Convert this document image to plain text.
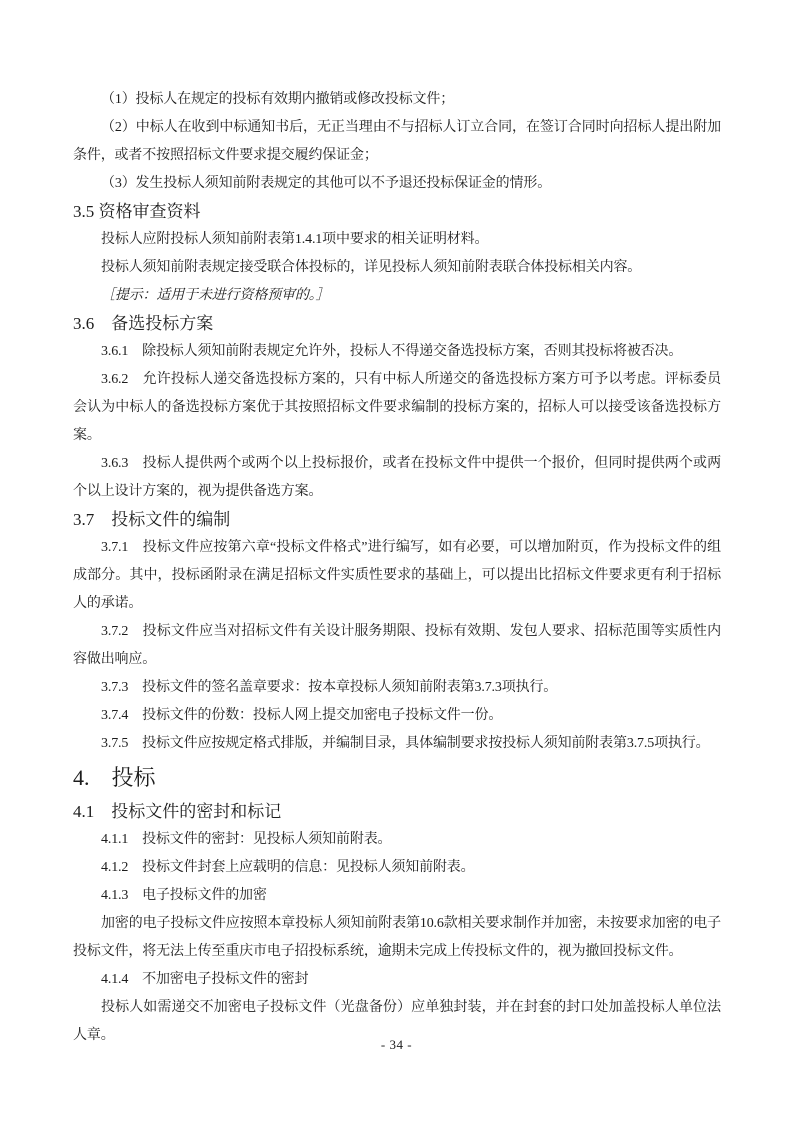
（1）投标人在规定的投标有效期内撤销或修改投标文件；

（2）中标人在收到中标通知书后，无正当理由不与招标人订立合同，在签订合同时向招标人提出附加条件，或者不按照招标文件要求提交履约保证金；

（3）发生投标人须知前附表规定的其他可以不予退还投标保证金的情形。

3.5 资格审查资料

投标人应附投标人须知前附表第1.4.1项中要求的相关证明材料。

投标人须知前附表规定接受联合体投标的，详见投标人须知前附表联合体投标相关内容。

［提示：适用于未进行资格预审的。］

3.6　备选投标方案

3.6.1　除投标人须知前附表规定允许外，投标人不得递交备选投标方案，否则其投标将被否决。

3.6.2　允许投标人递交备选投标方案的，只有中标人所递交的备选投标方案方可予以考虑。评标委员会认为中标人的备选投标方案优于其按照招标文件要求编制的投标方案的，招标人可以接受该备选投标方案。

3.6.3　投标人提供两个或两个以上投标报价，或者在投标文件中提供一个报价，但同时提供两个或两个以上设计方案的，视为提供备选方案。

3.7　投标文件的编制

3.7.1　投标文件应按第六章“投标文件格式”进行编写，如有必要，可以增加附页，作为投标文件的组成部分。其中，投标函附录在满足招标文件实质性要求的基础上，可以提出比招标文件要求更有利于招标人的承诺。

3.7.2　投标文件应当对招标文件有关设计服务期限、投标有效期、发包人要求、招标范围等实质性内容做出响应。

3.7.3　投标文件的签名盖章要求：按本章投标人须知前附表第3.7.3项执行。

3.7.4　投标文件的份数：投标人网上提交加密电子投标文件一份。

3.7.5　投标文件应按规定格式排版，并编制目录，具体编制要求按投标人须知前附表第3.7.5项执行。

4.　投标
4.1　投标文件的密封和标记

4.1.1　投标文件的密封：见投标人须知前附表。

4.1.2　投标文件封套上应载明的信息：见投标人须知前附表。

4.1.3　电子投标文件的加密

加密的电子投标文件应按照本章投标人须知前附表第10.6款相关要求制作并加密，未按要求加密的电子投标文件，将无法上传至重庆市电子招投标系统，逾期未完成上传投标文件的，视为撤回投标文件。

4.1.4　不加密电子投标文件的密封

投标人如需递交不加密电子投标文件（光盘备份）应单独封装，并在封套的封口处加盖投标人单位法人章。

- 34 -
